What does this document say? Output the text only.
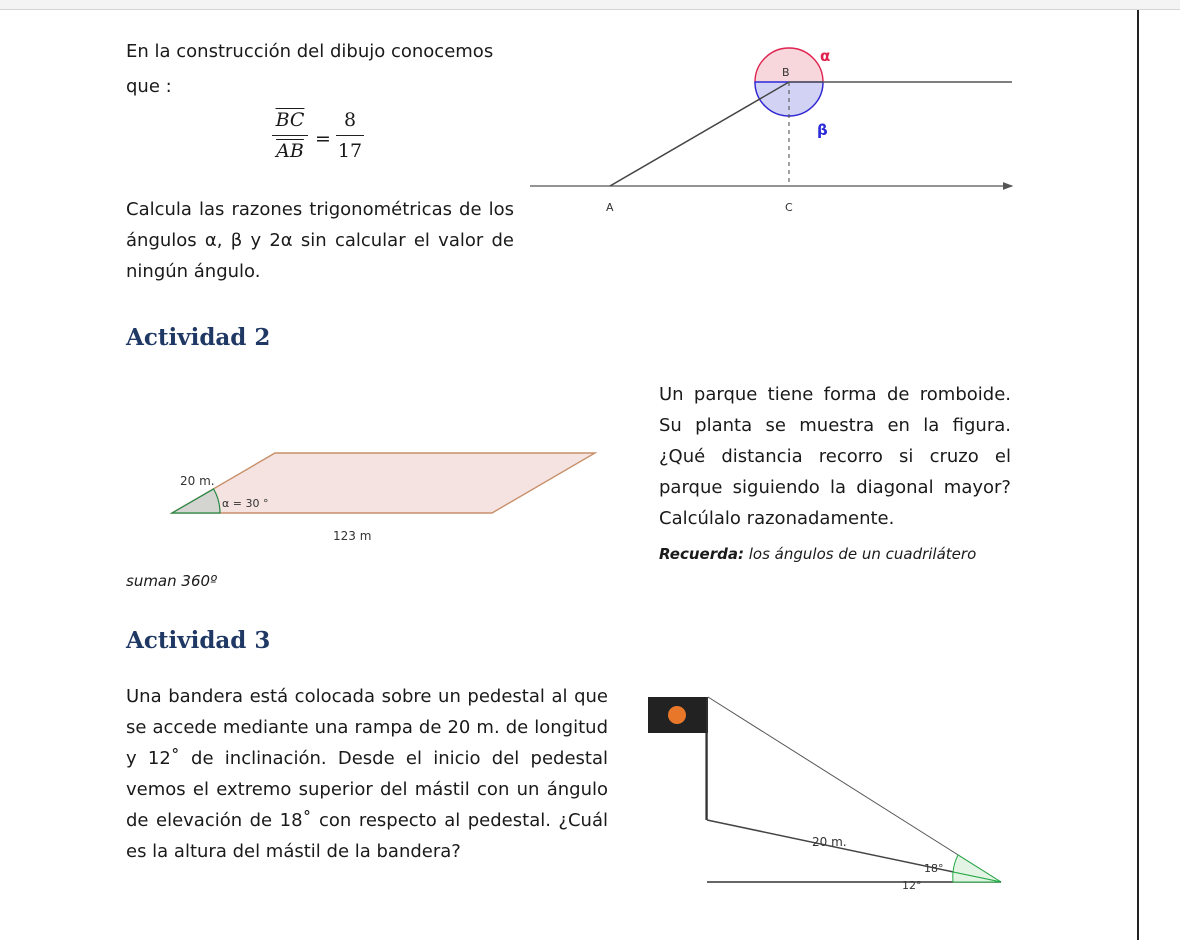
En la construcción del dibujo conocemos

que :

$\frac{\overline{BC}}{AB}$ =
8
17

Calcula las razones trigonométricas de los ángulos α, β y 2α sin calcular el valor de ningún ángulo.

B
A	C
α
β
Actividad 2
20 m.
α = 30 °
123 m

Un parque tiene forma de romboide. Su planta se muestra en la figura. ¿Qué distancia recorro si cruzo el parque siguiendo la diagonal mayor? Calcúlalo razonadamente.

Recuerda: los ángulos de un cuadrilátero
suman 360º
Actividad 3

Una bandera está colocada sobre un pedestal al que se accede mediante una rampa de 20 m. de longitud y 12˚ de inclinación. Desde el inicio del pedestal vemos el extremo superior del mástil con un ángulo de elevación de 18˚ con respecto al pedestal. ¿Cuál es la altura del mástil de la bandera?	20 m.
18°
12°
